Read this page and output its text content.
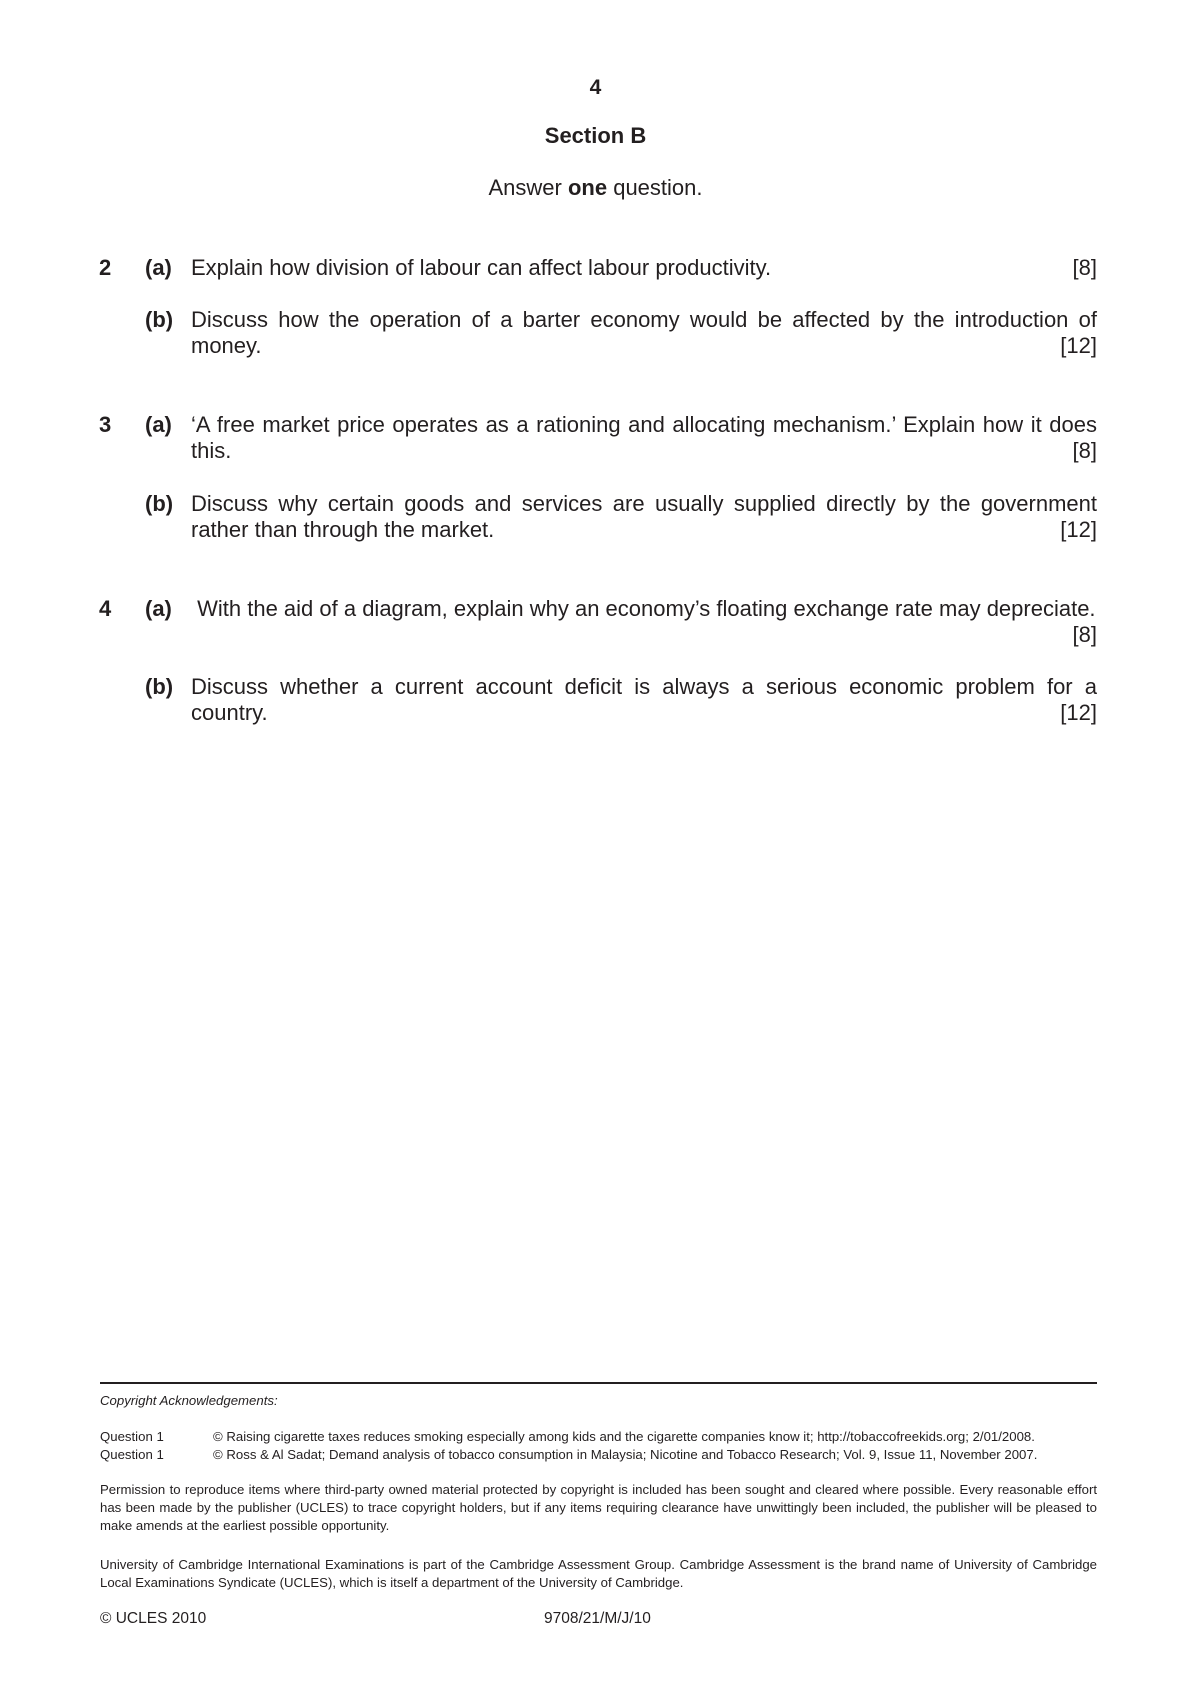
4
Section B
Answer one question.
2 (a) Explain how division of labour can affect labour productivity.	[8]
(b) Discuss how the operation of a barter economy would be affected by the introduction of
money.	[12]
3 (a) ‘A free market price operates as a rationing and allocating mechanism.’ Explain how it does
this.	[8]
(b) Discuss why certain goods and services are usually supplied directly by the government
rather than through the market.	[12]
4 (a) With the aid of a diagram, explain why an economy’s floating exchange rate may depreciate.
[8]
(b) Discuss whether a current account deficit is always a serious economic problem for a
country.	[12]
Copyright Acknowledgements:
Question 1	© Raising cigarette taxes reduces smoking especially among kids and the cigarette companies know it; http://tobaccofreekids.org; 2/01/2008.
Question 1	© Ross & Al Sadat; Demand analysis of tobacco consumption in Malaysia; Nicotine and Tobacco Research; Vol. 9, Issue 11, November 2007.
Permission to reproduce items where third-party owned material protected by copyright is included has been sought and cleared where possible. Every reasonable effort has been made by the publisher (UCLES) to trace copyright holders, but if any items requiring clearance have unwittingly been included, the publisher will be pleased to make amends at the earliest possible opportunity.
University of Cambridge International Examinations is part of the Cambridge Assessment Group. Cambridge Assessment is the brand name of University of Cambridge Local Examinations Syndicate (UCLES), which is itself a department of the University of Cambridge.
© UCLES 2010	9708/21/M/J/10
